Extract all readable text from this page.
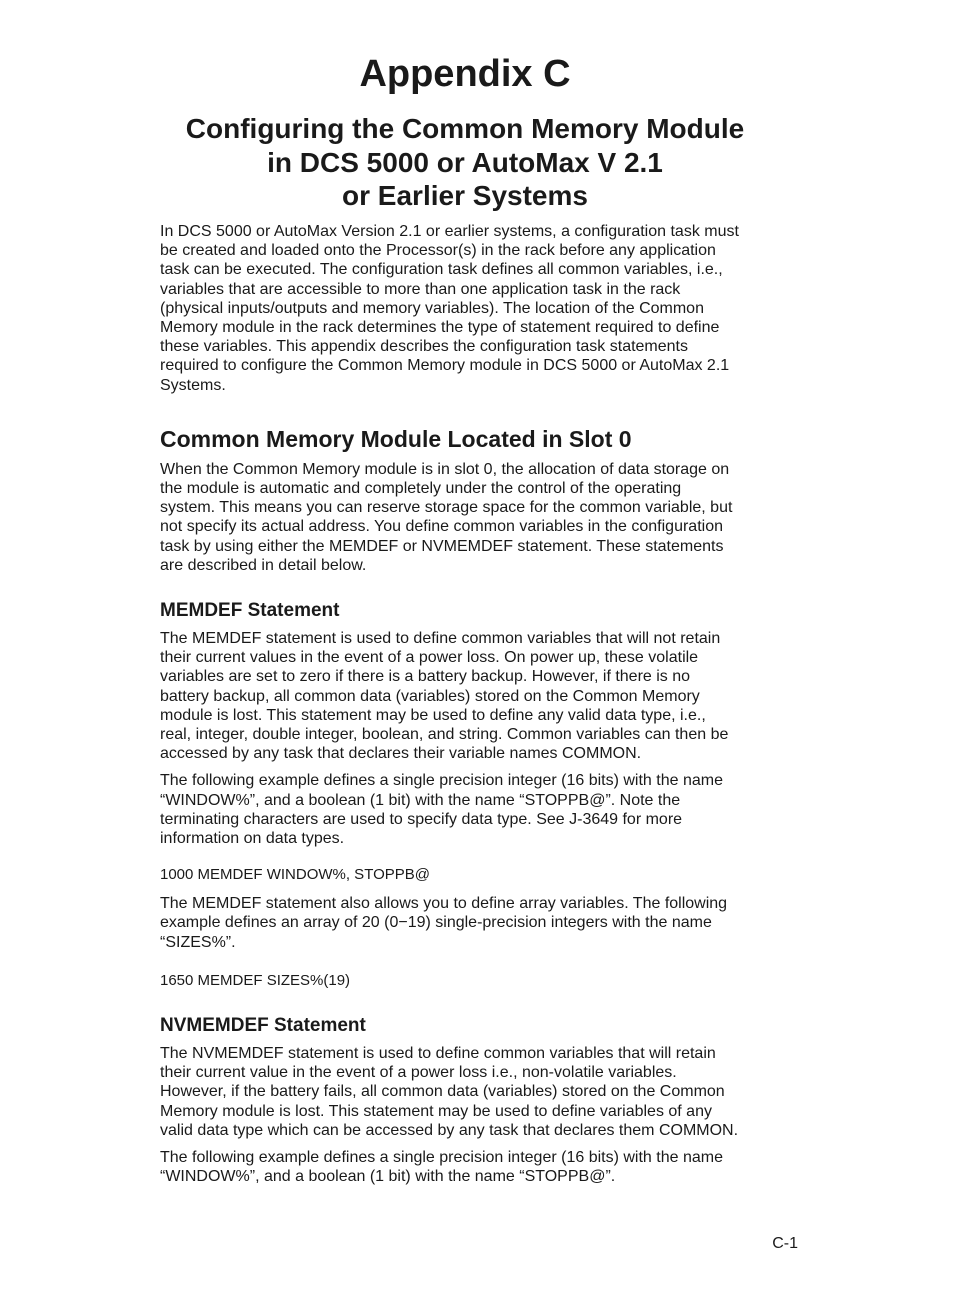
Appendix C
Configuring the Common Memory Module
in DCS 5000 or AutoMax V 2.1
or Earlier Systems

In DCS 5000 or AutoMax Version 2.1 or earlier systems, a configuration task must
be created and loaded onto the Processor(s) in the rack before any application
task can be executed. The configuration task defines all common variables, i.e.,
variables that are accessible to more than one application task in the rack
(physical inputs/outputs and memory variables). The location of the Common
Memory module in the rack determines the type of statement required to define
these variables. This appendix describes the configuration task statements
required to configure the Common Memory module in DCS 5000 or AutoMax 2.1
Systems.

Common Memory Module Located in Slot 0

When the Common Memory module is in slot 0, the allocation of data storage on
the module is automatic and completely under the control of the operating
system. This means you can reserve storage space for the common variable, but
not specify its actual address. You define common variables in the configuration
task by using either the MEMDEF or NVMEMDEF statement. These statements
are described in detail below.

MEMDEF Statement

The MEMDEF statement is used to define common variables that will not retain
their current values in the event of a power loss. On power up, these volatile
variables are set to zero if there is a battery backup. However, if there is no
battery backup, all common data (variables) stored on the Common Memory
module is lost. This statement may be used to define any valid data type, i.e.,
real, integer, double integer, boolean, and string. Common variables can then be
accessed by any task that declares their variable names COMMON.

The following example defines a single precision integer (16 bits) with the name
“WINDOW%”, and a boolean (1 bit) with the name “STOPPB@”. Note the
terminating characters are used to specify data type. See J-3649 for more
information on data types.

1000 MEMDEF WINDOW%, STOPPB@

The MEMDEF statement also allows you to define array variables. The following
example defines an array of 20 (0−19) single-precision integers with the name
“SIZES%”.

1650 MEMDEF SIZES%(19)

NVMEMDEF Statement

The NVMEMDEF statement is used to define common variables that will retain
their current value in the event of a power loss i.e., non-volatile variables.
However, if the battery fails, all common data (variables) stored on the Common
Memory module is lost. This statement may be used to define variables of any
valid data type which can be accessed by any task that declares them COMMON.

The following example defines a single precision integer (16 bits) with the name
“WINDOW%”, and a boolean (1 bit) with the name “STOPPB@”.

C-1
